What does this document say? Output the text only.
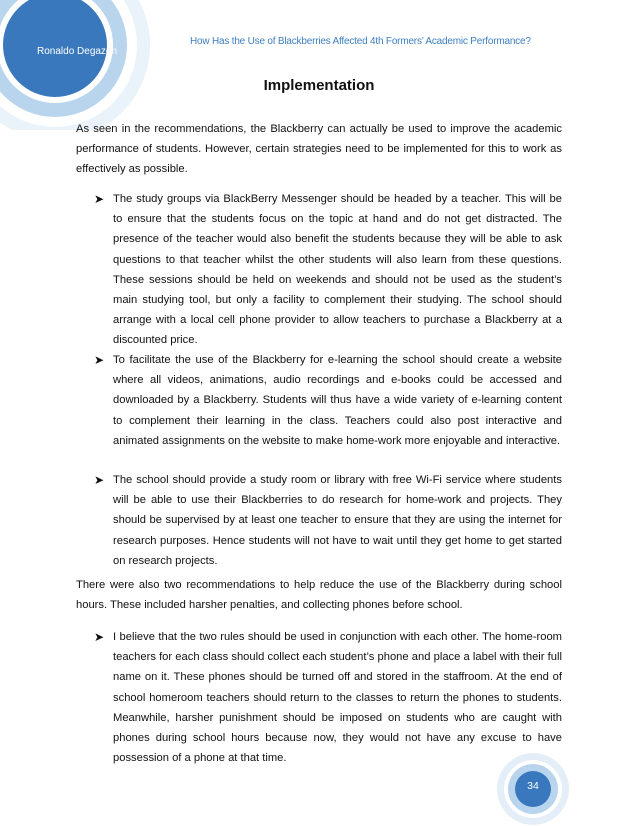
Ronaldo Degazon
How Has the Use of Blackberries Affected 4th Formers’ Academic Performance?
Implementation

As seen in the recommendations, the Blackberry can actually be used to improve the academic performance of students. However, certain strategies need to be implemented for this to work as effectively as possible.

➤ The study groups via BlackBerry Messenger should be headed by a teacher. This will be to ensure that the students focus on the topic at hand and do not get distracted. The presence of the teacher would also benefit the students because they will be able to ask questions to that teacher whilst the other students will also learn from these questions. These sessions should be held on weekends and should not be used as the student’s main studying tool, but only a facility to complement their studying. The school should arrange with a local cell phone provider to allow teachers to purchase a Blackberry at a discounted price.

➤ To facilitate the use of the Blackberry for e-learning the school should create a website where all videos, animations, audio recordings and e-books could be accessed and downloaded by a Blackberry. Students will thus have a wide variety of e-learning content to complement their learning in the class. Teachers could also post interactive and animated assignments on the website to make home-work more enjoyable and interactive.

➤ The school should provide a study room or library with free Wi-Fi service where students will be able to use their Blackberries to do research for home-work and projects. They should be supervised by at least one teacher to ensure that they are using the internet for research purposes. Hence students will not have to wait until they get home to get started on research projects.

There were also two recommendations to help reduce the use of the Blackberry during school hours. These included harsher penalties, and collecting phones before school.

➤ I believe that the two rules should be used in conjunction with each other. The home-room teachers for each class should collect each student’s phone and place a label with their full name on it. These phones should be turned off and stored in the staffroom. At the end of school homeroom teachers should return to the classes to return the phones to students. Meanwhile, harsher punishment should be imposed on students who are caught with phones during school hours because now, they would not have any excuse to have possession of a phone at that time.

34
